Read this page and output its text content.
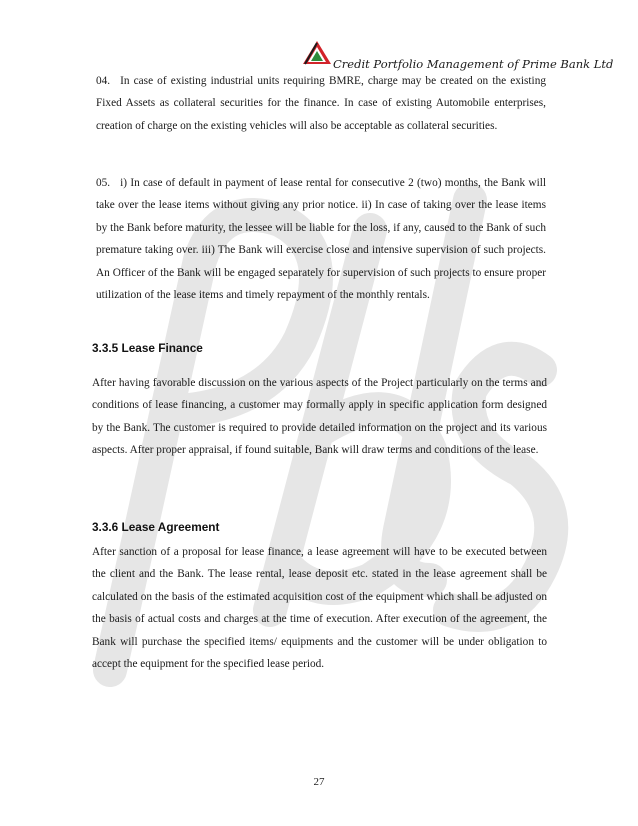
Credit Portfolio Management of Prime Bank Ltd
04. In case of existing industrial units requiring BMRE, charge may be created on the existing Fixed Assets as collateral securities for the finance. In case of existing Automobile enterprises, creation of charge on the existing vehicles will also be acceptable as collateral securities.
05. i) In case of default in payment of lease rental for consecutive 2 (two) months, the Bank will take over the lease items without giving any prior notice. ii) In case of taking over the lease items by the Bank before maturity, the lessee will be liable for the loss, if any, caused to the Bank of such premature taking over. iii) The Bank will exercise close and intensive supervision of such projects. An Officer of the Bank will be engaged separately for supervision of such projects to ensure proper utilization of the lease items and timely repayment of the monthly rentals.
3.3.5 Lease Finance
After having favorable discussion on the various aspects of the Project particularly on the terms and conditions of lease financing, a customer may formally apply in specific application form designed by the Bank. The customer is required to provide detailed information on the project and its various aspects. After proper appraisal, if found suitable, Bank will draw terms and conditions of the lease.
3.3.6 Lease Agreement
After sanction of a proposal for lease finance, a lease agreement will have to be executed between the client and the Bank. The lease rental, lease deposit etc. stated in the lease agreement shall be calculated on the basis of the estimated acquisition cost of the equipment which shall be adjusted on the basis of actual costs and charges at the time of execution. After execution of the agreement, the Bank will purchase the specified items/ equipments and the customer will be under obligation to accept the equipment for the specified lease period.
27
